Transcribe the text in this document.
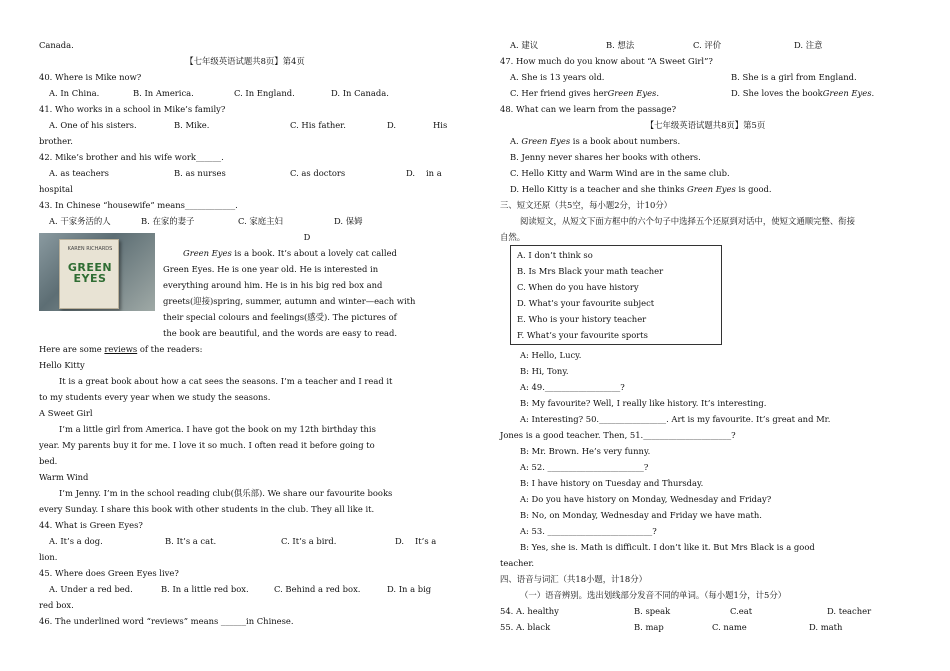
Canada.
【七年级英语试题共8页】第4页
40. Where is Mike now?
A. In China.	B. In America.	C. In England.	D. In Canada.
41. Who works in a school in Mike’s family?
A. One of his sisters.	B. Mike.	C. His father.	D.	His
brother.
42. Mike’s brother and his wife work______.
A. as teachers	B. as nurses	C. as doctors	D.	in a
hospital
43. In Chinese “housewife” means____________.
A. 干家务活的人	B. 在家的妻子	C. 家庭主妇	D. 保姆
KAREN RICHARDS
GREEN EYES
D
Green Eyes is a book. It’s about a lovely cat called
Green Eyes. He is one year old. He is interested in
everything around him. He is in his big red box and
greets(迎接)spring, summer, autumn and winter—each with
their special colours and feelings(感受). The pictures of
the book are beautiful, and the words are easy to read.
Here are some reviews of the readers:
Hello Kitty
It is a great book about how a cat sees the seasons. I’m a teacher and I read it
to my students every year when we study the seasons.
A Sweet Girl
I’m a little girl from America. I have got the book on my 12th birthday this
year. My parents buy it for me. I love it so much. I often read it before going to
bed.
Warm Wind
I’m Jenny. I’m in the school reading club(俱乐部). We share our favourite books
every Sunday. I share this book with other students in the club. They all like it.
44. What is Green Eyes?
A. It’s a dog.	B. It’s a cat.	C. It’s a bird.	D.	It’s a
lion.
45. Where does Green Eyes live?
A. Under a red bed.	B. In a little red box.	C. Behind a red box.	D. In a big
red box.
46. The underlined word “reviews” means ______in Chinese.
A. 建议	B. 想法	C. 评价	D. 注意
47. How much do you know about “A Sweet Girl”?
A. She is 13 years old.	B. She is a girl from England.
C. Her friend gives herGreen Eyes.	D. She loves the bookGreen Eyes.
48. What can we learn from the passage?
【七年级英语试题共8页】第5页
A. Green Eyes is a book about numbers.
B. Jenny never shares her books with others.
C. Hello Kitty and Warm Wind are in the same club.
D. Hello Kitty is a teacher and she thinks Green Eyes is good.
三、短文还原（共5空，每小题2分，计10分）
阅读短文，从短文下面方框中的六个句子中选择五个还原到对话中，使短文通顺完整、衔接
自然。
A. I don’t think so
B. Is Mrs Black your math teacher
C. When do you have history
D. What’s your favourite subject
E. Who is your history teacher
F. What’s your favourite sports
A: Hello, Lucy.
B: Hi, Tony.
A: 49.__________________?
B: My favourite? Well, I really like history. It’s interesting.
A: Interesting? 50.________________. Art is my favourite. It’s great and Mr.
Jones is a good teacher. Then, 51._____________________?
B: Mr. Brown. He’s very funny.
A: 52. _______________________?
B: I have history on Tuesday and Thursday.
A: Do you have history on Monday, Wednesday and Friday?
B: No, on Monday, Wednesday and Friday we have math.
A: 53. _________________________?
B: Yes, she is. Math is difficult. I don’t like it. But Mrs Black is a good
teacher.
四、语音与词汇（共18小题，计18分）
（一）语音辨别。选出划线部分发音不同的单词。（每小题1分，计5分）
54. A. healthy	B. speak	C.eat	D. teacher
55. A. black	B. map	C. name	D. math
